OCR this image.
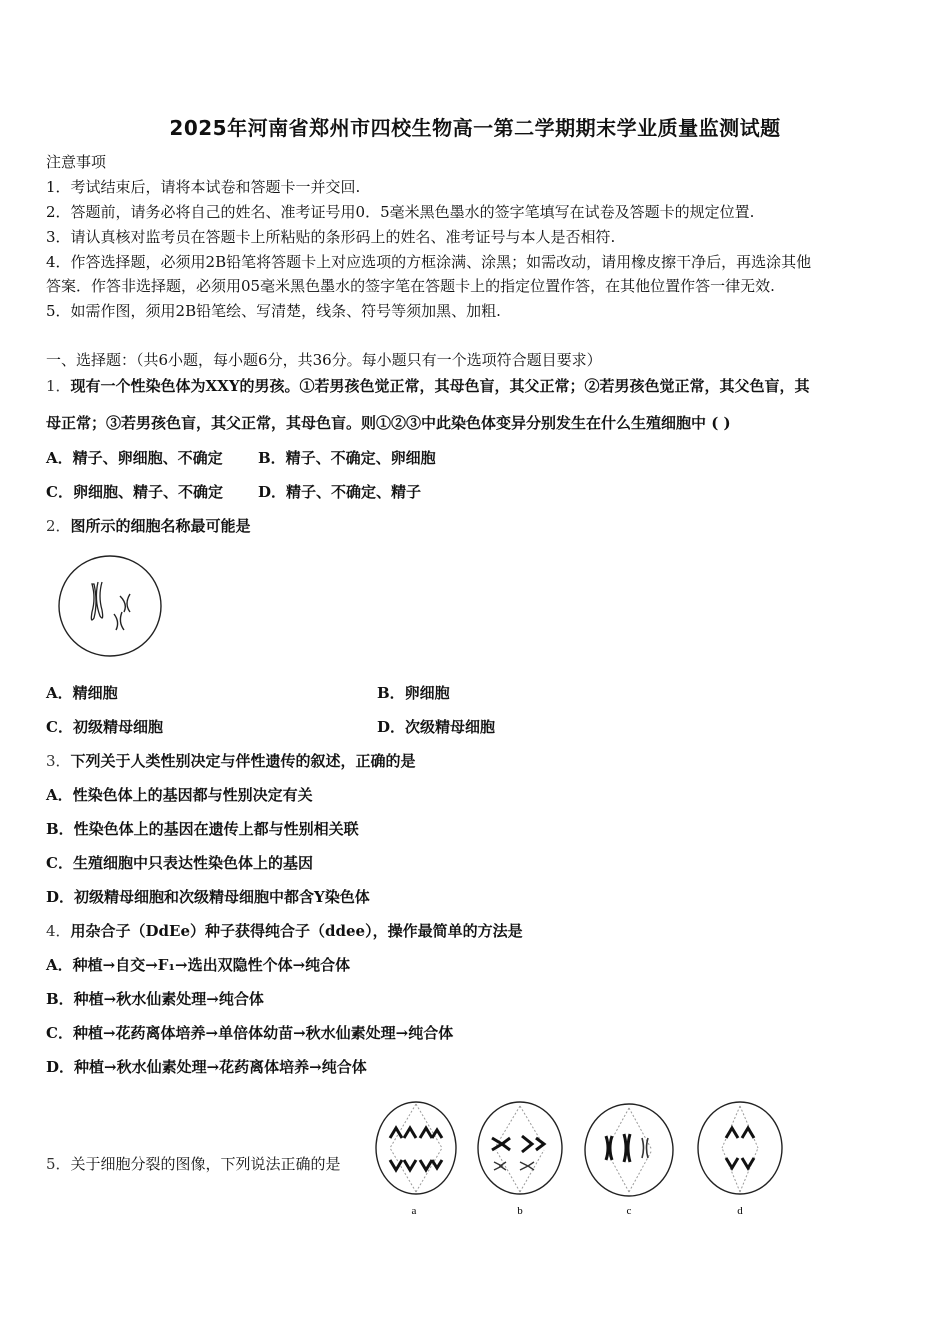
2025年河南省郑州市四校生物高一第二学期期末学业质量监测试题
注意事项
1．考试结束后，请将本试卷和答题卡一并交回.
2．答题前，请务必将自己的姓名、准考证号用0．5毫米黑色墨水的签字笔填写在试卷及答题卡的规定位置.
3．请认真核对监考员在答题卡上所粘贴的条形码上的姓名、准考证号与本人是否相符.
4．作答选择题，必须用2B铅笔将答题卡上对应选项的方框涂满、涂黑；如需改动，请用橡皮擦干净后，再选涂其他
答案．作答非选择题，必须用05毫米黑色墨水的签字笔在答题卡上的指定位置作答，在其他位置作答一律无效.
5．如需作图，须用2B铅笔绘、写清楚，线条、符号等须加黑、加粗.
一、选择题：（共6小题，每小题6分，共36分。每小题只有一个选项符合题目要求）
1．现有一个性染色体为XXY的男孩。①若男孩色觉正常，其母色盲，其父正常；②若男孩色觉正常，其父色盲，其
母正常；③若男孩色盲，其父正常，其母色盲。则①②③中此染色体变异分别发生在什么生殖细胞中 ( )
A．精子、卵细胞、不确定 B．精子、不确定、卵细胞
C．卵细胞、精子、不确定 D．精子、不确定、精子
2．图所示的细胞名称最可能是
A．精细胞	B．卵细胞
C．初级精母细胞	D．次级精母细胞
3．下列关于人类性别决定与伴性遗传的叙述，正确的是
A．性染色体上的基因都与性别决定有关
B．性染色体上的基因在遗传上都与性别相关联
C．生殖细胞中只表达性染色体上的基因
D．初级精母细胞和次级精母细胞中都含Y染色体
4．用杂合子（DdEe）种子获得纯合子（ddee），操作最简单的方法是
A．种植→自交→F₁→选出双隐性个体→纯合体
B．种植→秋水仙素处理→纯合体
C．种植→花药离体培养→单倍体幼苗→秋水仙素处理→纯合体
D．种植→秋水仙素处理→花药离体培养→纯合体
5．关于细胞分裂的图像，下列说法正确的是
a	b	c	d
